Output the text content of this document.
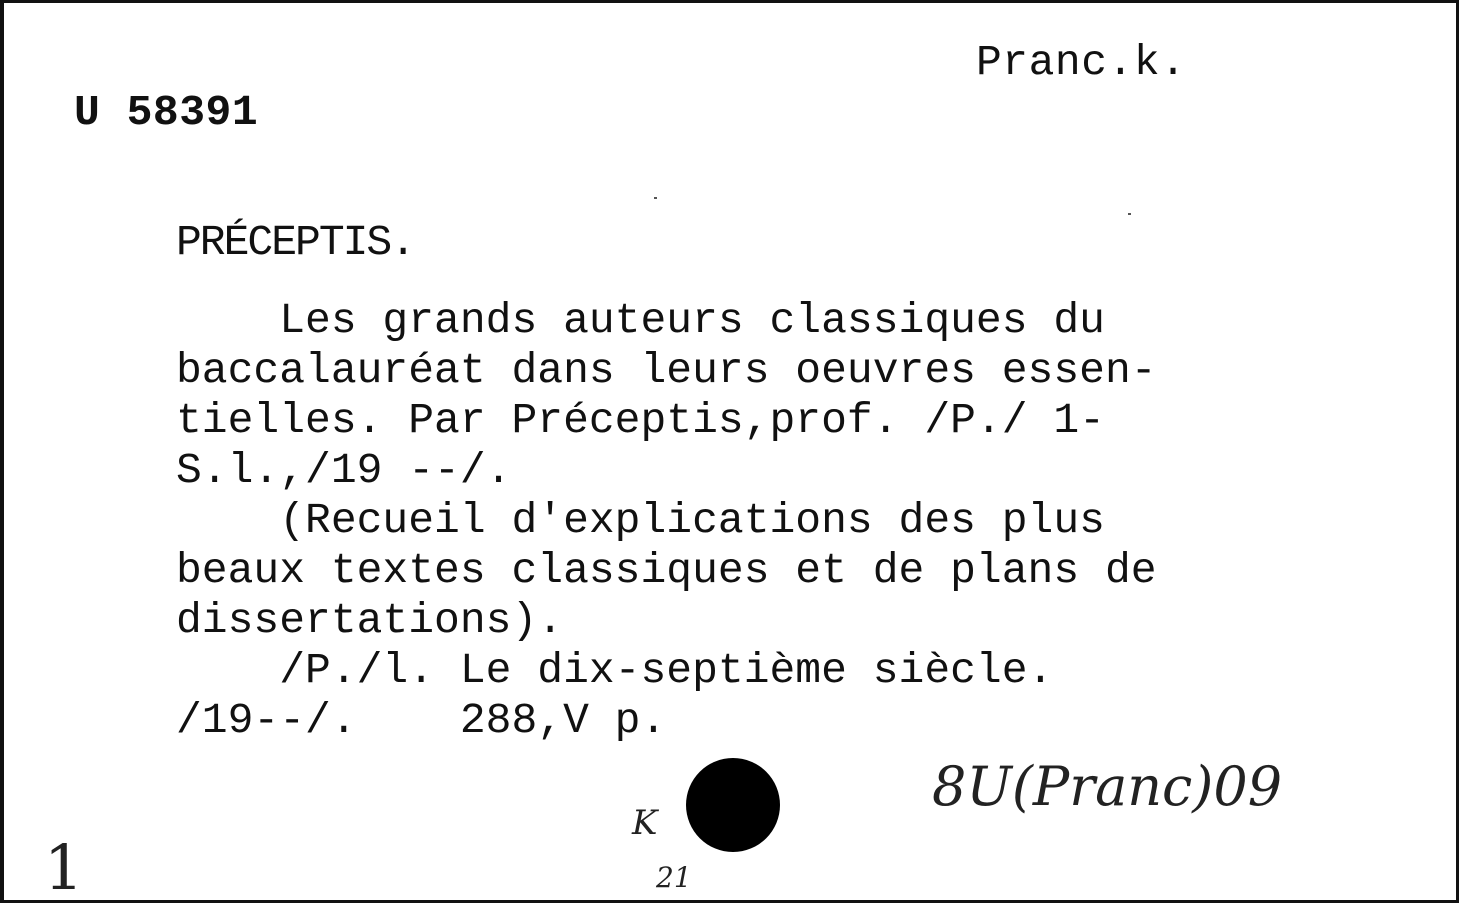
Pranc.k.
U 58391
PRÉCEPTIS.
Les grands auteurs classiques du
baccalauréat dans leurs oeuvres essen-
tielles. Par Préceptis,prof. /P./ 1-
S.l.,/19 --/.
(Recueil d'explications des plus
beaux textes classiques et de plans de
dissertations).
/P./l. Le dix-septième siècle.
/19--/.    288,V p.
8U(Pranc)09
K
21
1
